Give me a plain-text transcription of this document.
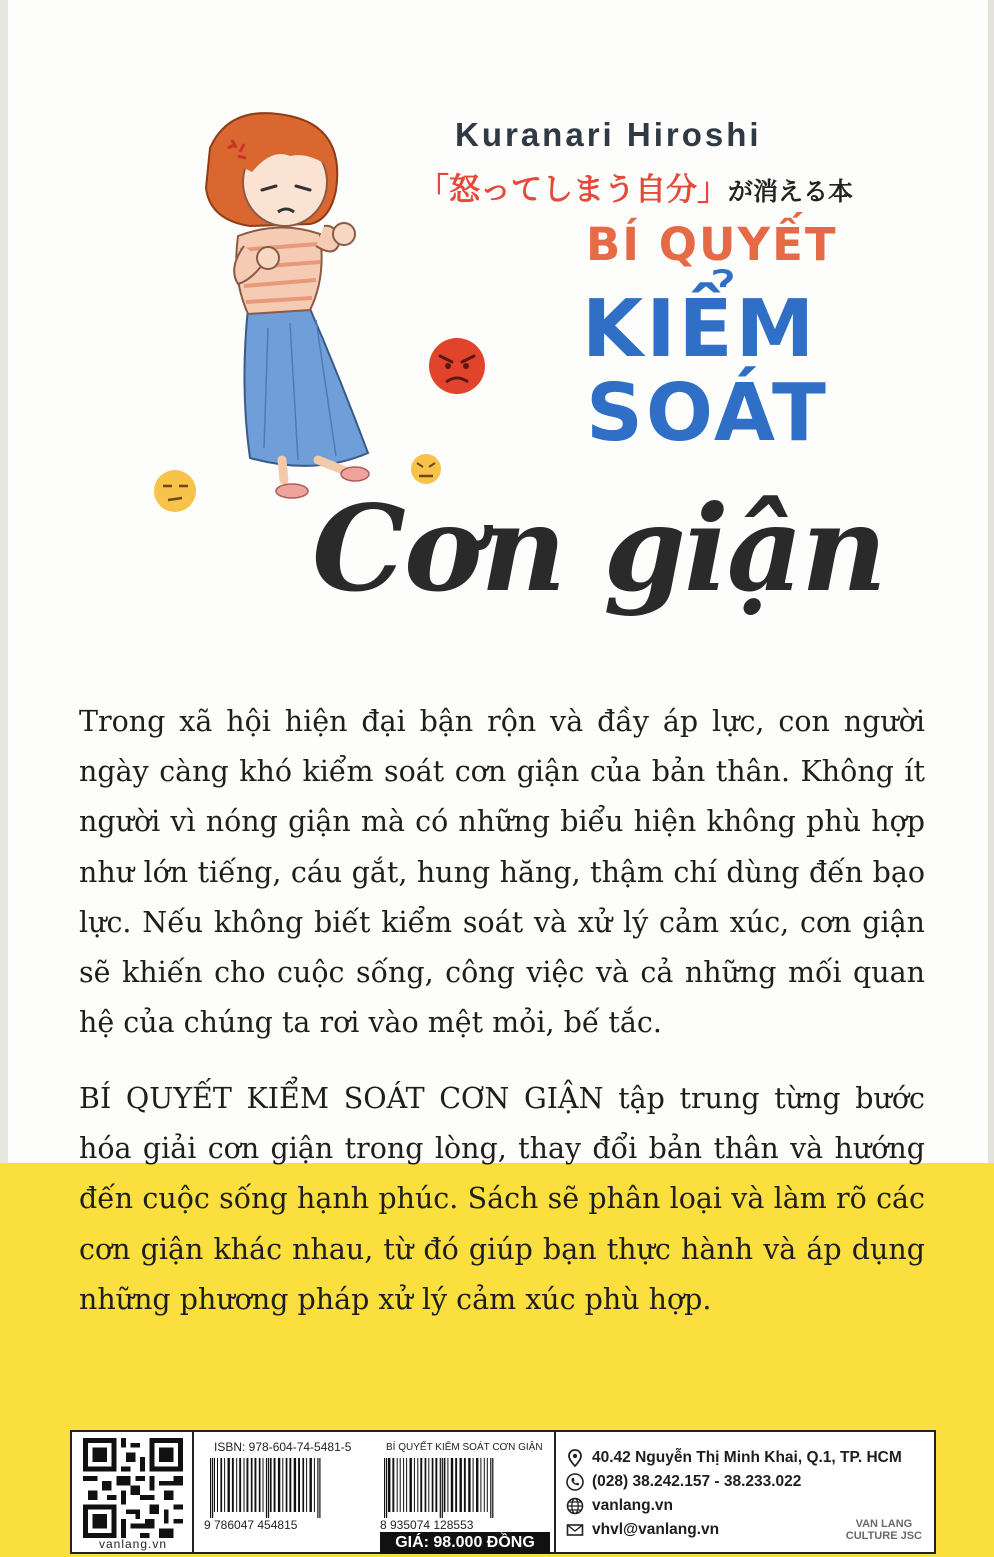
Kuranari Hiroshi
「怒ってしまう自分」が消える本
BÍ QUYẾT
KIỂM
SOÁT
Cơn giận

Trong xã hội hiện đại bận rộn và đầy áp lực, con người ngày càng khó kiểm soát cơn giận của bản thân. Không ít người vì nóng giận mà có những biểu hiện không phù hợp như lớn tiếng, cáu gắt, hung hăng, thậm chí dùng đến bạo lực. Nếu không biết kiểm soát và xử lý cảm xúc, cơn giận sẽ khiến cho cuộc sống, công việc và cả những mối quan hệ của chúng ta rơi vào mệt mỏi, bế tắc.

BÍ QUYẾT KIỂM SOÁT CƠN GIẬN tập trung từng bước hóa giải cơn giận trong lòng, thay đổi bản thân và hướng đến cuộc sống hạnh phúc. Sách sẽ phân loại và làm rõ các cơn giận khác nhau, từ đó giúp bạn thực hành và áp dụng những phương pháp xử lý cảm xúc phù hợp.

vanlang.vn
ISBN: 978-604-74-5481-5	BÍ QUYẾT KIỂM SOÁT CƠN GIẬN
9 786047 454815	8 935074 128553
GIÁ: 98.000 ĐỒNG
40.42 Nguyễn Thị Minh Khai, Q.1, TP. HCM
(028) 38.242.157 - 38.233.022
vanlang.vn
vhvl@vanlang.vn	VAN LANG
CULTURE JSC
